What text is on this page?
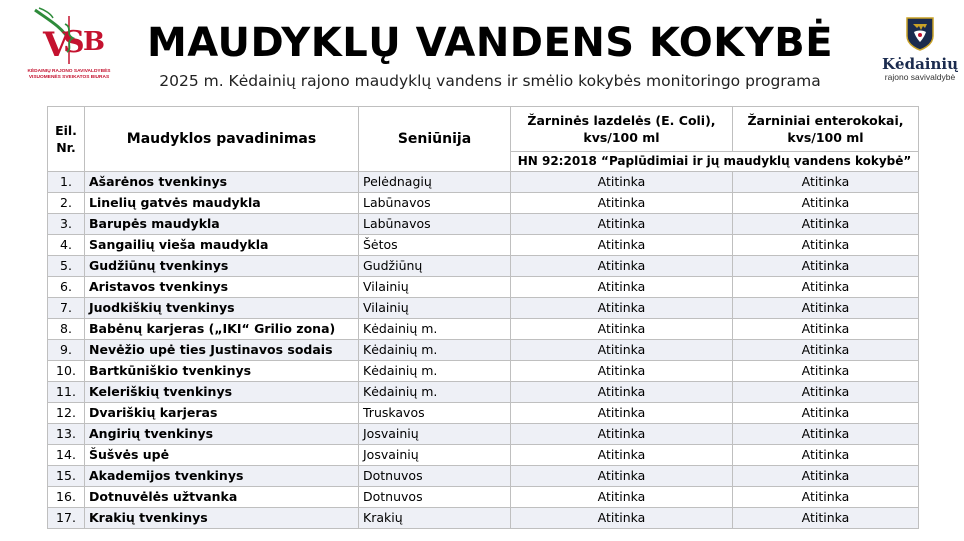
V
S
B
KĖDAINIŲ RAJONO SAVIVALDYBĖS VISUOMENĖS SVEIKATOS BIURAS
MAUDYKLŲ VANDENS KOKYBĖ
2025 m. Kėdainių rajono maudyklų vandens ir smėlio kokybės monitoringo programa
Kėdainių
rajono savivaldybė
Eil. Nr.	Maudyklos pavadinimas	Seniūnija	Žarninės lazdelės (E. Coli), kvs/100 ml	Žarniniai enterokokai, kvs/100 ml
			HN 92:2018 “Paplūdimiai ir jų maudyklų vandens kokybė”	
1.	Ašarėnos tvenkinys	Pelėdnagių	Atitinka	Atitinka
2.	Linelių gatvės maudykla	Labūnavos	Atitinka	Atitinka
3.	Barupės maudykla	Labūnavos	Atitinka	Atitinka
4.	Sangailių vieša maudykla	Šėtos	Atitinka	Atitinka
5.	Gudžiūnų tvenkinys	Gudžiūnų	Atitinka	Atitinka
6.	Aristavos tvenkinys	Vilainių	Atitinka	Atitinka
7.	Juodkiškių tvenkinys	Vilainių	Atitinka	Atitinka
8.	Babėnų karjeras („IKI“ Grilio zona)	Kėdainių m.	Atitinka	Atitinka
9.	Nevėžio upė ties Justinavos sodais	Kėdainių m.	Atitinka	Atitinka
10.	Bartkūniškio tvenkinys	Kėdainių m.	Atitinka	Atitinka
11.	Keleriškių tvenkinys	Kėdainių m.	Atitinka	Atitinka
12.	Dvariškių karjeras	Truskavos	Atitinka	Atitinka
13.	Angirių tvenkinys	Josvainių	Atitinka	Atitinka
14.	Šušvės upė	Josvainių	Atitinka	Atitinka
15.	Akademijos tvenkinys	Dotnuvos	Atitinka	Atitinka
16.	Dotnuvėlės užtvanka	Dotnuvos	Atitinka	Atitinka
17.	Krakių tvenkinys	Krakių	Atitinka	Atitinka
